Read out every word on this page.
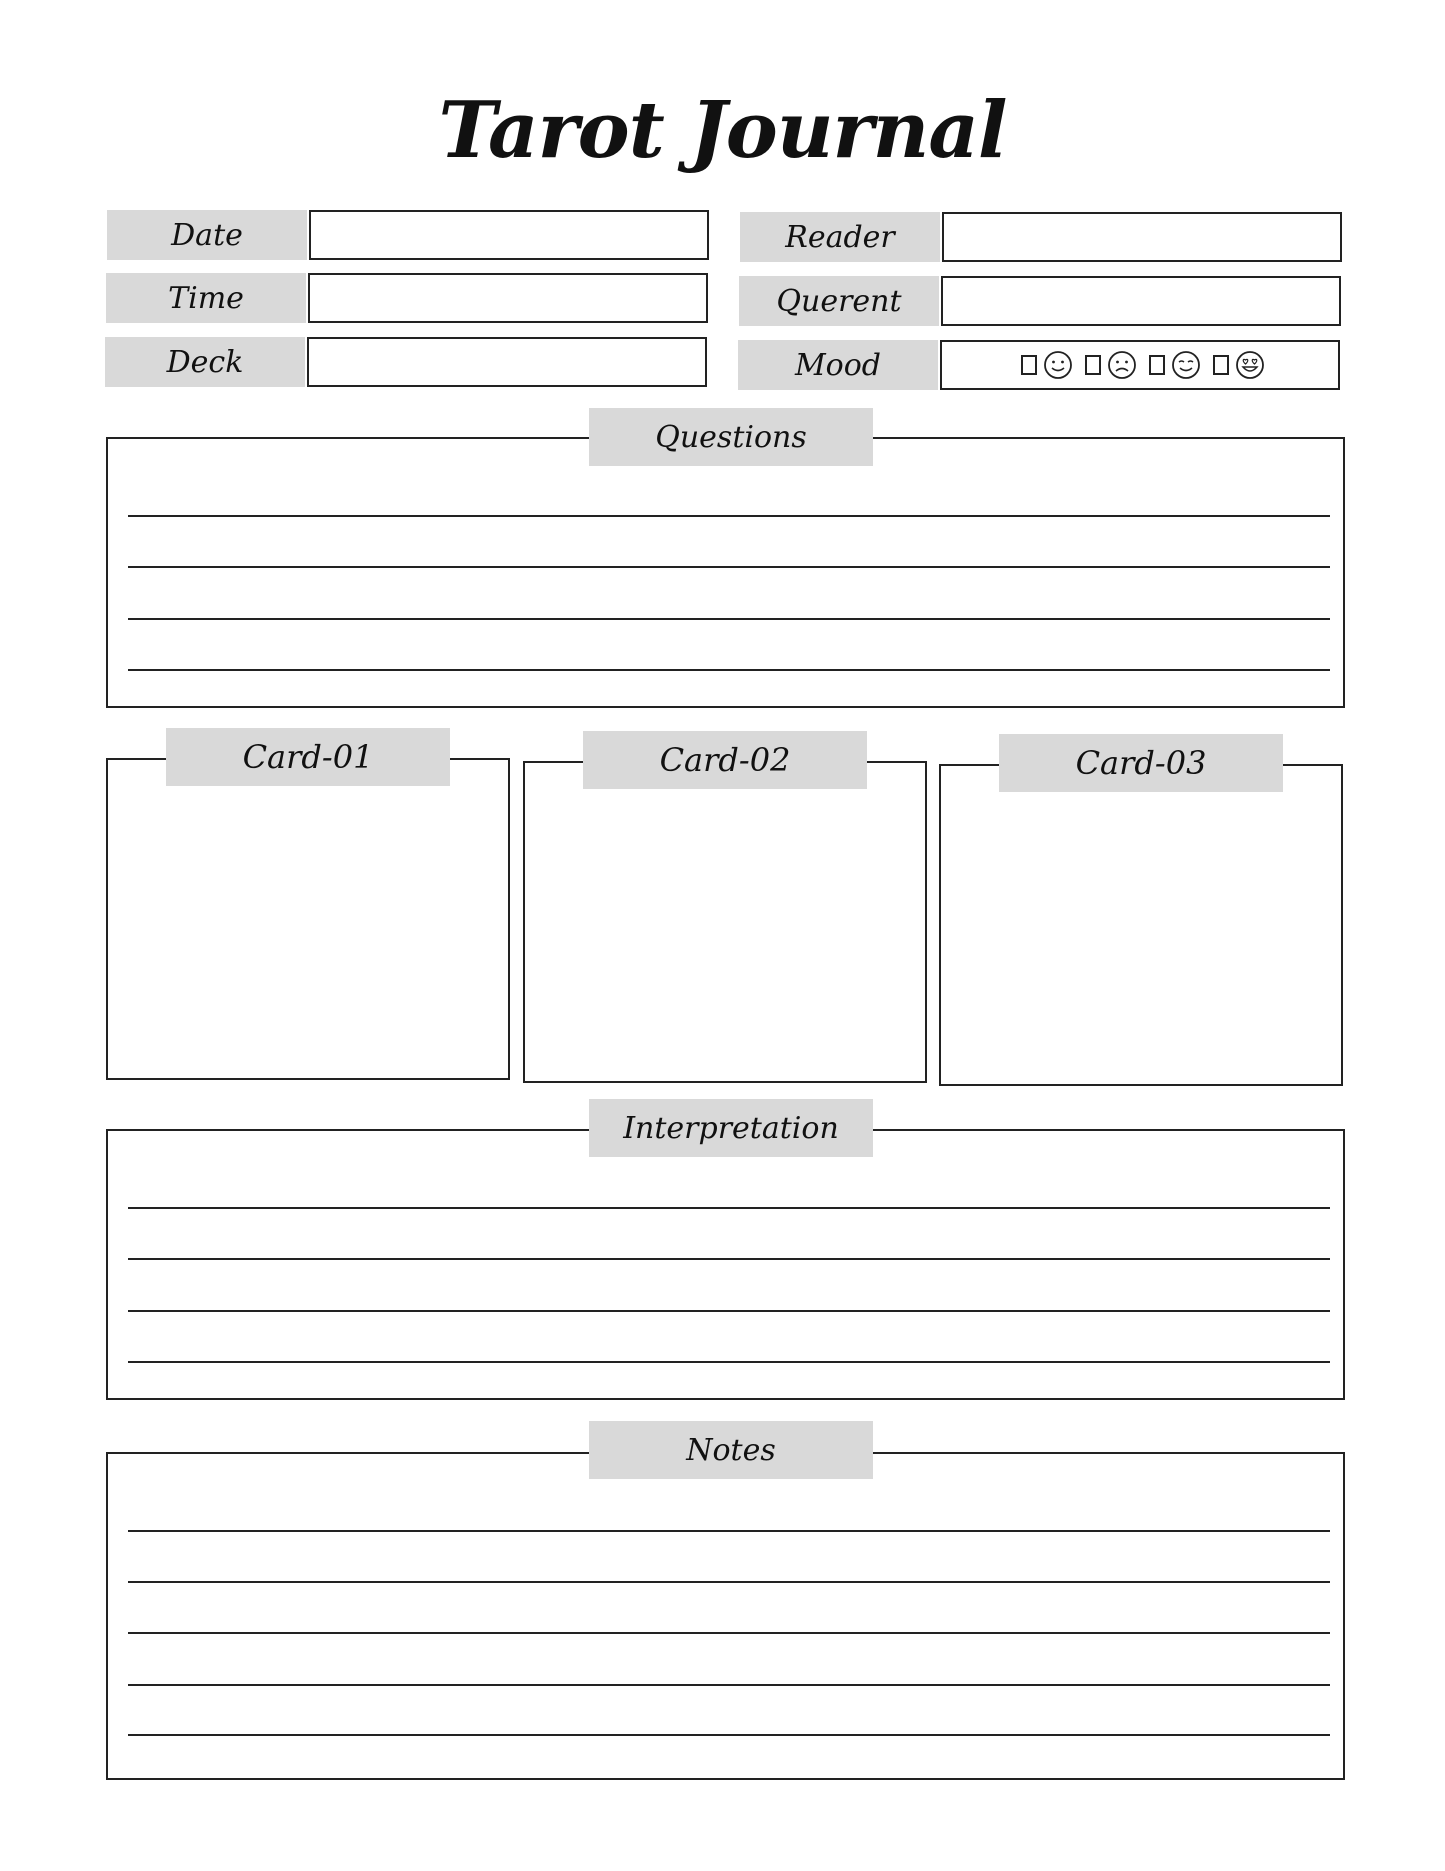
Tarot Journal
Date
Time
Deck
Reader
Querent
Mood
Questions
Card-01	Card-02	Card-03
Interpretation
Notes
